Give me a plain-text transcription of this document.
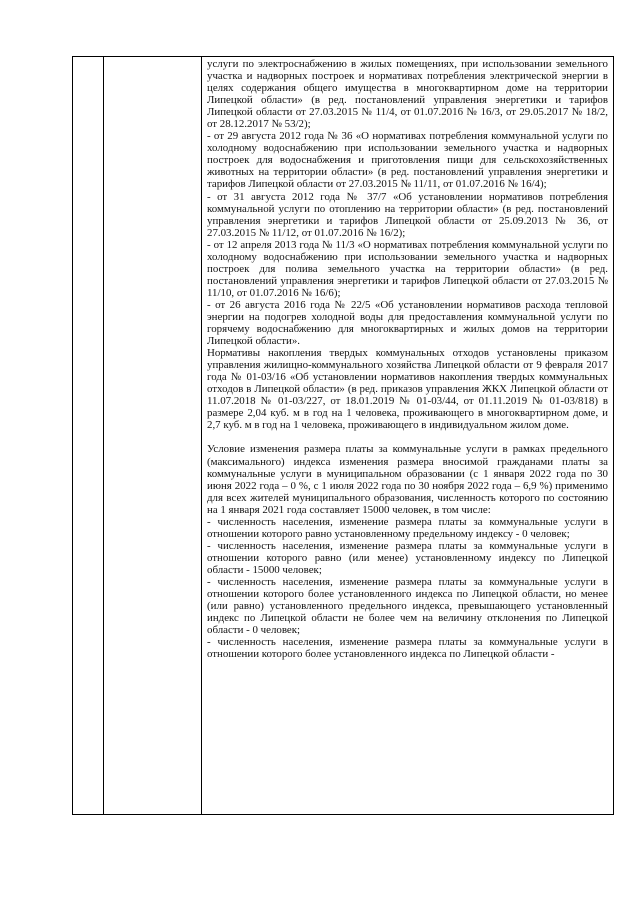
услуги по электроснабжению в жилых помещениях, при использовании земельного участка и надворных построек и нормативах потребления электрической энергии в целях содержания общего имущества в многоквартирном доме на территории Липецкой области» (в ред. постановлений управления энергетики и тарифов Липецкой области от 27.03.2015 № 11/4, от 01.07.2016 № 16/3, от 29.05.2017 № 18/2, от 28.12.2017 № 53/2);

- от 29 августа 2012 года № 36 «О нормативах потребления коммунальной услуги по холодному водоснабжению при использовании земельного участка и надворных построек для водоснабжения и приготовления пищи для сельскохозяйственных животных на территории области» (в ред. постановлений управления энергетики и тарифов Липецкой области от 27.03.2015 № 11/11, от 01.07.2016 № 16/4);

- от 31 августа 2012 года № 37/7 «Об установлении нормативов потребления коммунальной услуги по отоплению на территории области» (в ред. постановлений управления энергетики и тарифов Липецкой области от 25.09.2013 № 36, от 27.03.2015 № 11/12, от 01.07.2016 № 16/2);

- от 12 апреля 2013 года № 11/3 «О нормативах потребления коммунальной услуги по холодному водоснабжению при использовании земельного участка и надворных построек для полива земельного участка на территории области» (в ред. постановлений управления энергетики и тарифов Липецкой области от 27.03.2015 № 11/10, от 01.07.2016 № 16/6);

- от 26 августа 2016 года № 22/5 «Об установлении нормативов расхода тепловой энергии на подогрев холодной воды для предоставления коммунальной услуги по горячему водоснабжению для многоквартирных и жилых домов на территории Липецкой области».

Нормативы накопления твердых коммунальных отходов установлены приказом управления жилищно-коммунального хозяйства Липецкой области от 9 февраля 2017 года № 01-03/16 «Об установлении нормативов накопления твердых коммунальных отходов в Липецкой области» (в ред. приказов управления ЖКХ Липецкой области от 11.07.2018 № 01-03/227, от 18.01.2019 № 01-03/44, от 01.11.2019 № 01-03/818) в размере 2,04 куб. м в год на 1 человека, проживающего в многоквартирном доме, и 2,7 куб. м в год на 1 человека, проживающего в индивидуальном жилом доме.

Условие изменения размера платы за коммунальные услуги в рамках предельного (максимального) индекса изменения размера вносимой гражданами платы за коммунальные услуги в муниципальном образовании (с 1 января 2022 года по 30 июня 2022 года – 0 %, с 1 июля 2022 года по 30 ноября 2022 года – 6,9 %) применимо для всех жителей муниципального образования, численность которого по состоянию на 1 января 2021 года составляет 15000 человек, в том числе:

- численность населения, изменение размера платы за коммунальные услуги в отношении которого равно установленному предельному индексу - 0 человек;

- численность населения, изменение размера платы за коммунальные услуги в отношении которого равно (или менее) установленному индексу по Липецкой области - 15000 человек;

- численность населения, изменение размера платы за коммунальные услуги в отношении которого более установленного индекса по Липецкой области, но менее (или равно) установленного предельного индекса, превышающего установленный индекс по Липецкой области не более чем на величину отклонения по Липецкой области - 0 человек;

- численность населения, изменение размера платы за коммунальные услуги в отношении которого более установленного индекса по Липецкой области -
